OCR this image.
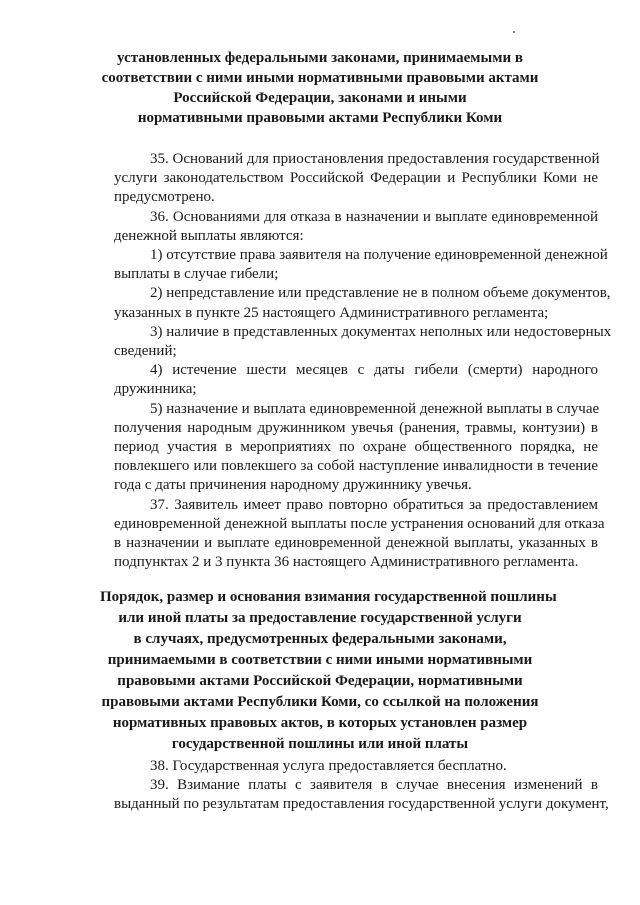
установленных федеральными законами, принимаемыми в
соответствии с ними иными нормативными правовыми актами
Российской Федерации, законами и иными
нормативными правовыми актами Республики Коми

35. Оснований для приостановления предоставления государственной
услуги законодательством Российской Федерации и Республики Коми не
предусмотрено.

36. Основаниями для отказа в назначении и выплате единовременной
денежной выплаты являются:

1) отсутствие права заявителя на получение единовременной денежной
выплаты в случае гибели;

2) непредставление или представление не в полном объеме документов,
указанных в пункте 25 настоящего Административного регламента;

3) наличие в представленных документах неполных или недостоверных
сведений;

4) истечение шести месяцев с даты гибели (смерти) народного
дружинника;

5) назначение и выплата единовременной денежной выплаты в случае
получения народным дружинником увечья (ранения, травмы, контузии) в
период участия в мероприятиях по охране общественного порядка, не
повлекшего или повлекшего за собой наступление инвалидности в течение
года с даты причинения народному дружиннику увечья.

37. Заявитель имеет право повторно обратиться за предоставлением
единовременной денежной выплаты после устранения оснований для отказа
в назначении и выплате единовременной денежной выплаты, указанных в
подпунктах 2 и 3 пункта 36 настоящего Административного регламента.

Порядок, размер и основания взимания государственной пошлины
или иной платы за предоставление государственной услуги
в случаях, предусмотренных федеральными законами,
принимаемыми в соответствии с ними иными нормативными
правовыми актами Российской Федерации, нормативными
правовыми актами Республики Коми, со ссылкой на положения
нормативных правовых актов, в которых установлен размер
государственной пошлины или иной платы

38. Государственная услуга предоставляется бесплатно.

39. Взимание платы с заявителя в случае внесения изменений в
выданный по результатам предоставления государственной услуги документ,
